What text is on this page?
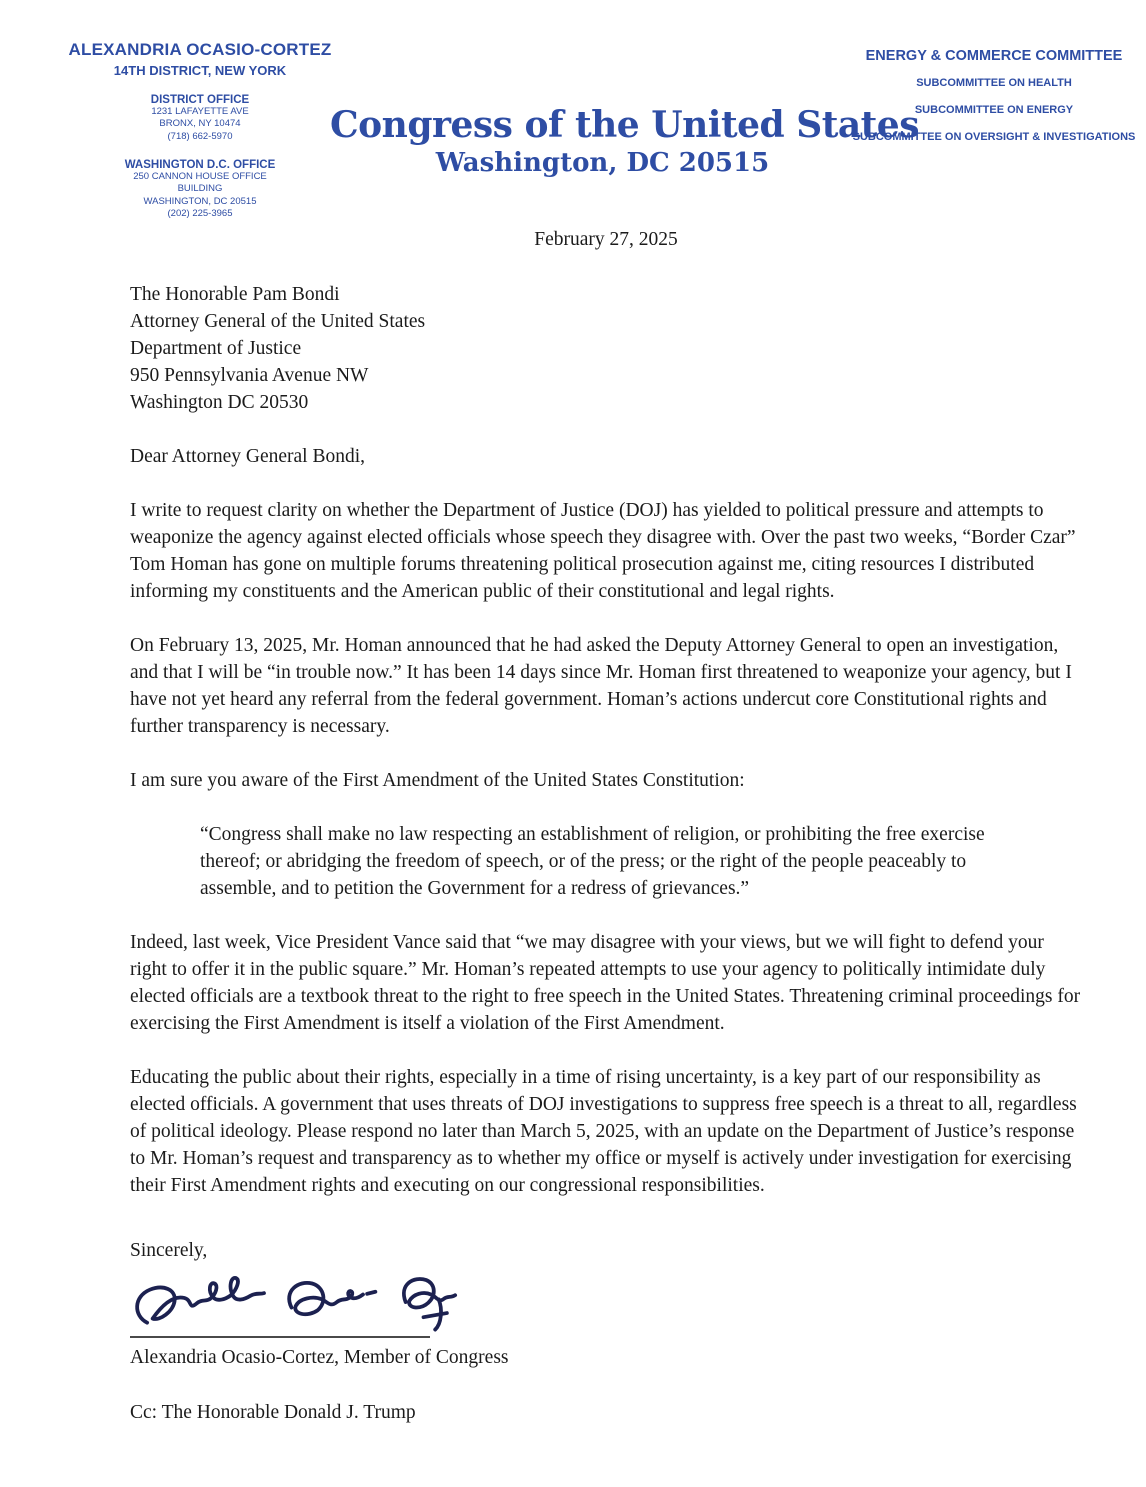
ALEXANDRIA OCASIO-CORTEZ
14TH DISTRICT, NEW YORK
DISTRICT OFFICE
1231 LAFAYETTE AVE
BRONX, NY 10474
(718) 662-5970
WASHINGTON D.C. OFFICE
250 CANNON HOUSE OFFICE
BUILDING
WASHINGTON, DC 20515
(202) 225-3965
Congress of the United States
Washington, DC 20515
ENERGY & COMMERCE COMMITTEE
SUBCOMMITTEE ON HEALTH
SUBCOMMITTEE ON ENERGY
SUBCOMMITTEE ON OVERSIGHT & INVESTIGATIONS
February 27, 2025
The Honorable Pam Bondi
Attorney General of the United States
Department of Justice
950 Pennsylvania Avenue NW
Washington DC 20530
Dear Attorney General Bondi,
I write to request clarity on whether the Department of Justice (DOJ) has yielded to political pressure and attempts to weaponize the agency against elected officials whose speech they disagree with. Over the past two weeks, “Border Czar” Tom Homan has gone on multiple forums threatening political prosecution against me, citing resources I distributed informing my constituents and the American public of their constitutional and legal rights.
On February 13, 2025, Mr. Homan announced that he had asked the Deputy Attorney General to open an investigation, and that I will be “in trouble now.” It has been 14 days since Mr. Homan first threatened to weaponize your agency, but I have not yet heard any referral from the federal government. Homan’s actions undercut core Constitutional rights and further transparency is necessary.
I am sure you aware of the First Amendment of the United States Constitution:
“Congress shall make no law respecting an establishment of religion, or prohibiting the free exercise thereof; or abridging the freedom of speech, or of the press; or the right of the people peaceably to assemble, and to petition the Government for a redress of grievances.”
Indeed, last week, Vice President Vance said that “we may disagree with your views, but we will fight to defend your right to offer it in the public square.” Mr. Homan’s repeated attempts to use your agency to politically intimidate duly elected officials are a textbook threat to the right to free speech in the United States. Threatening criminal proceedings for exercising the First Amendment is itself a violation of the First Amendment.
Educating the public about their rights, especially in a time of rising uncertainty, is a key part of our responsibility as elected officials. A government that uses threats of DOJ investigations to suppress free speech is a threat to all, regardless of political ideology. Please respond no later than March 5, 2025, with an update on the Department of Justice’s response to Mr. Homan’s request and transparency as to whether my office or myself is actively under investigation for exercising their First Amendment rights and executing on our congressional responsibilities.
Sincerely,
Alexandria Ocasio-Cortez, Member of Congress
Cc: The Honorable Donald J. Trump
